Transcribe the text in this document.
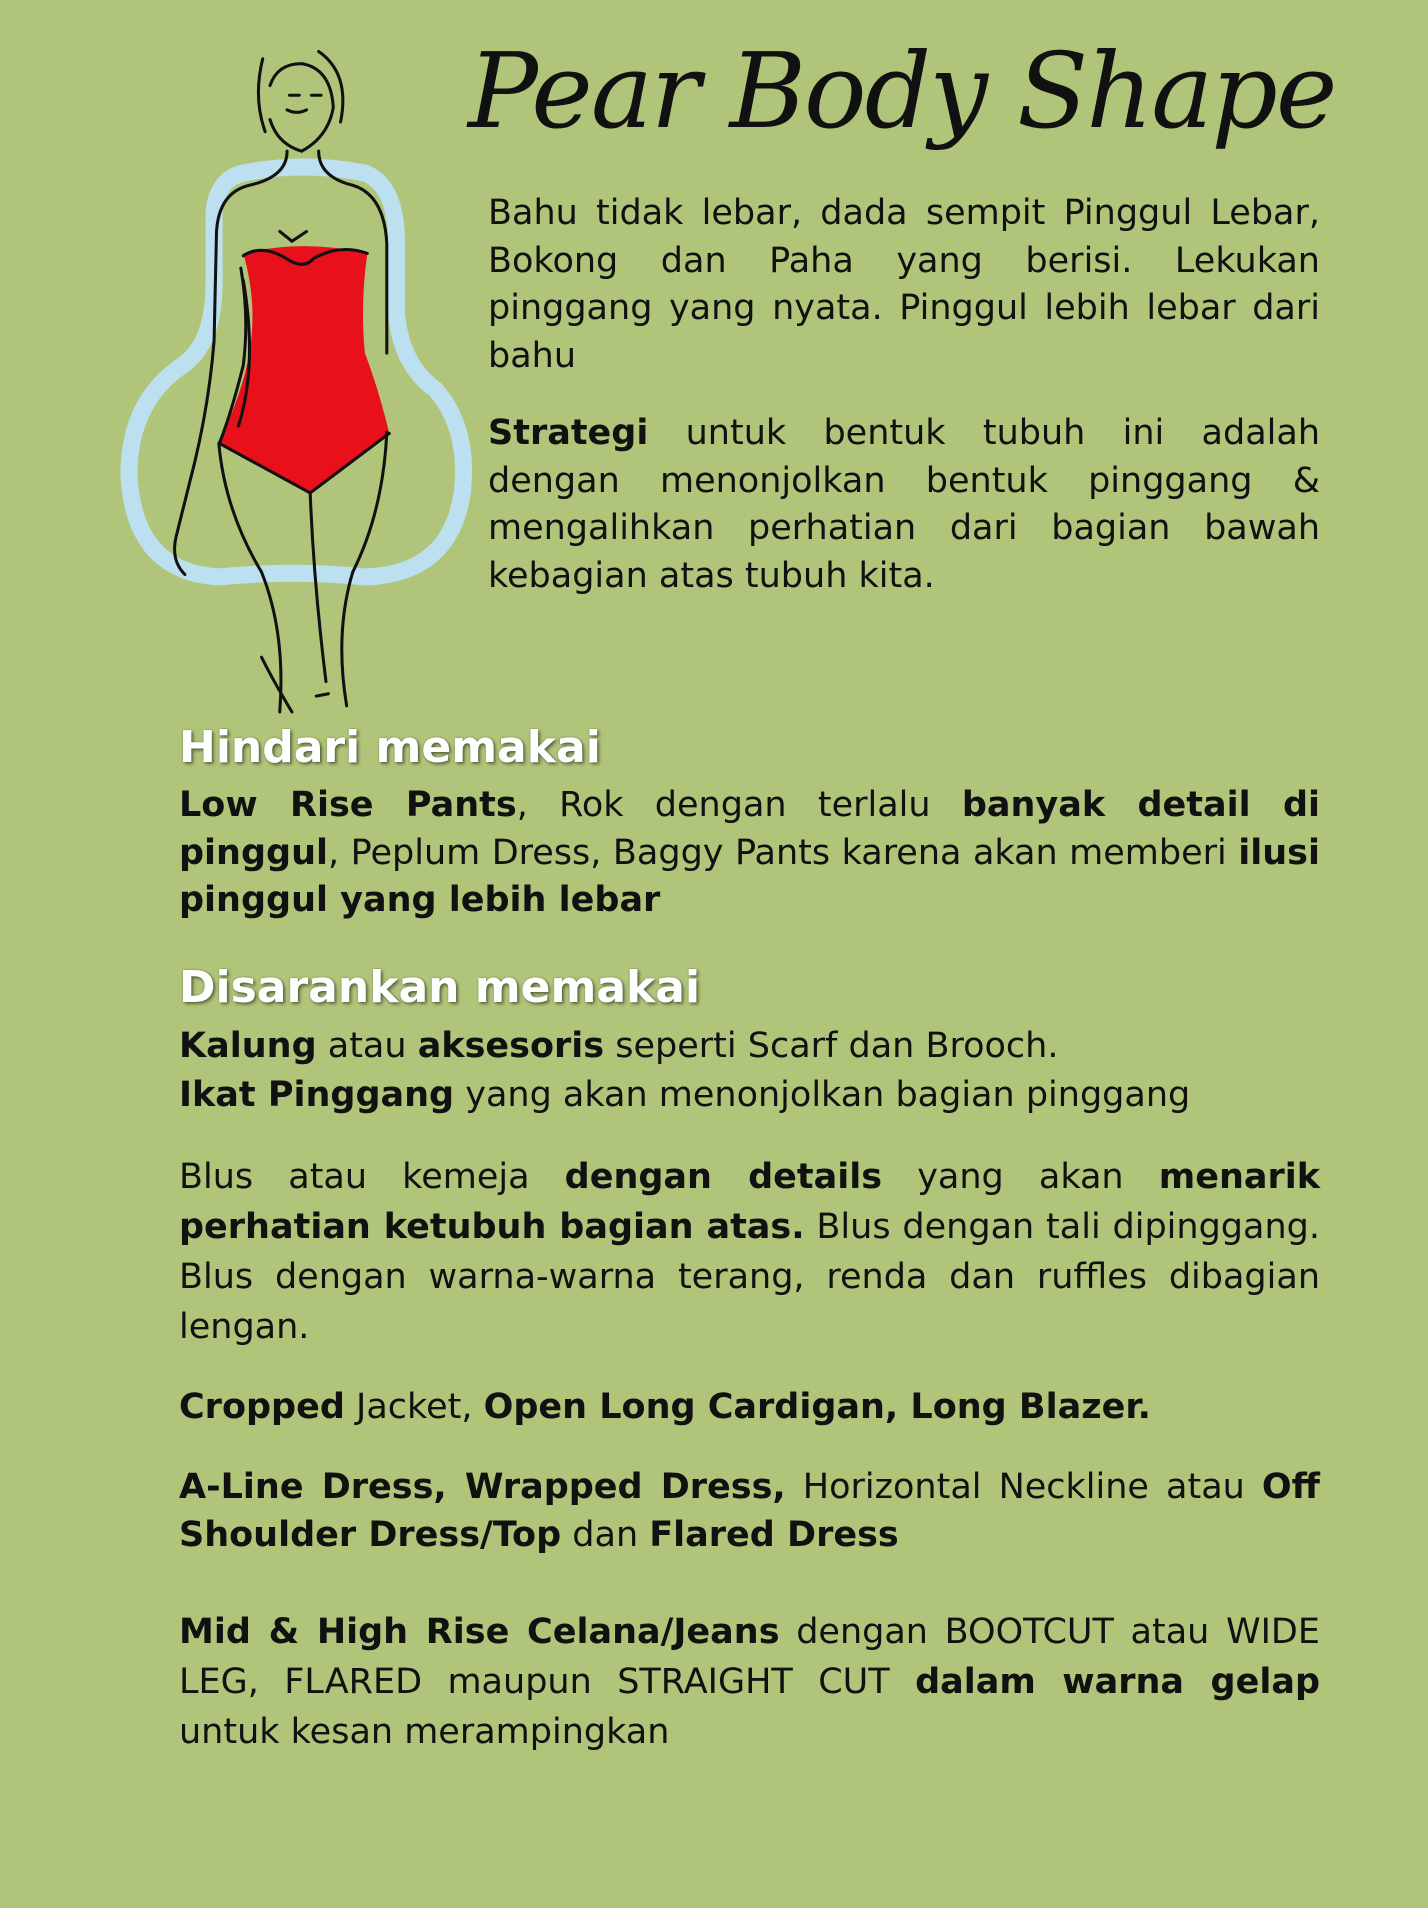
Pear Body Shape
Bahu tidak lebar, dada sempit Pinggul Lebar, Bokong dan Paha yang berisi. Lekukan pinggang yang nyata. Pinggul lebih lebar dari bahu
Strategi untuk bentuk tubuh ini adalah dengan menonjolkan bentuk pinggang & mengalihkan perhatian dari bagian bawah kebagian atas tubuh kita.
Hindari memakai
Low Rise Pants, Rok dengan terlalu banyak detail di pinggul, Peplum Dress, Baggy Pants karena akan memberi ilusi pinggul yang lebih lebar
Disarankan memakai
Kalung atau aksesoris seperti Scarf dan Brooch.
Ikat Pinggang yang akan menonjolkan bagian pinggang
Blus atau kemeja dengan details yang akan menarik perhatian ketubuh bagian atas. Blus dengan tali dipinggang. Blus dengan warna-warna terang, renda dan ruffles dibagian lengan.
Cropped Jacket, Open Long Cardigan, Long Blazer.
A-Line Dress, Wrapped Dress, Horizontal Neckline atau Off Shoulder Dress/Top dan Flared Dress
Mid & High Rise Celana/Jeans dengan BOOTCUT atau WIDE LEG, FLARED maupun STRAIGHT CUT dalam warna gelap untuk kesan merampingkan
